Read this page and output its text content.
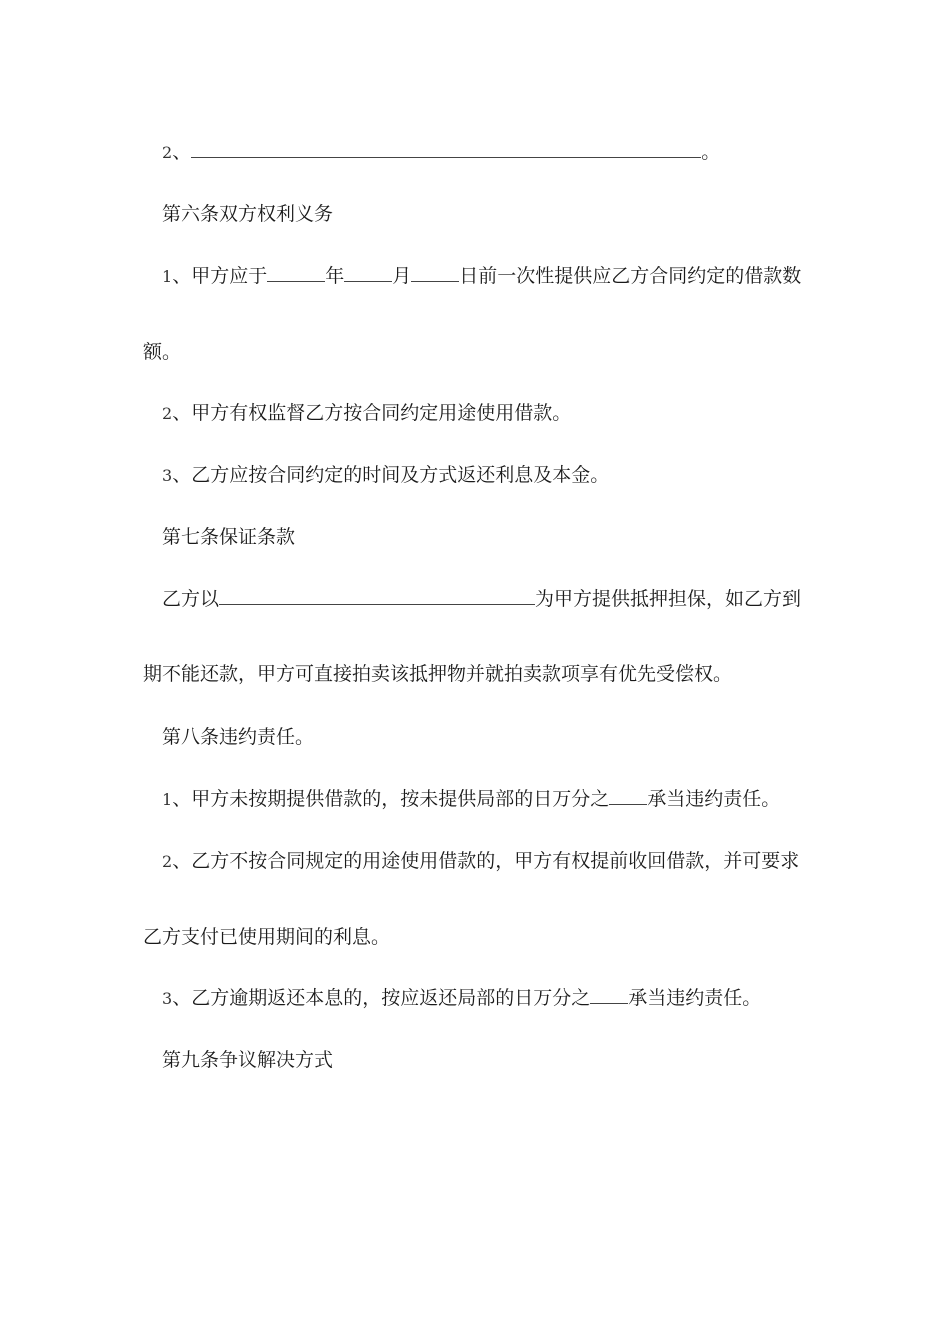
2、	。
第六条双方权利义务
1、甲方应于	年	月	日前一次性提供应乙方合同约定的借款数
额。
2、甲方有权监督乙方按合同约定用途使用借款。
3、乙方应按合同约定的时间及方式返还利息及本金。
第七条保证条款
乙方以	为甲方提供抵押担保，如乙方到
期不能还款，甲方可直接拍卖该抵押物并就拍卖款项享有优先受偿权。
第八条违约责任。
1、甲方未按期提供借款的，按未提供局部的日万分之 承当违约责任。
2、乙方不按合同规定的用途使用借款的，甲方有权提前收回借款，并可要求
乙方支付已使用期间的利息。
3、乙方逾期返还本息的，按应返还局部的日万分之 承当违约责任。
第九条争议解决方式
